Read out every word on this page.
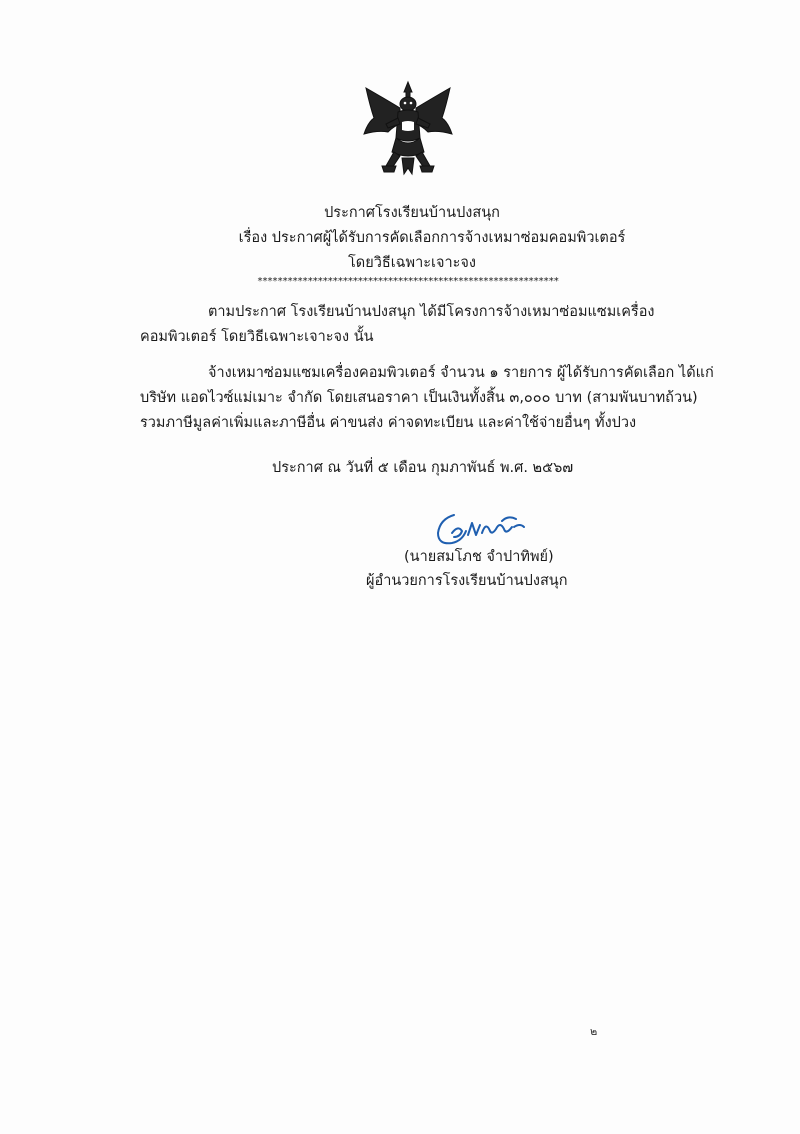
ประกาศโรงเรียนบ้านปงสนุก
เรื่อง ประกาศผู้ได้รับการคัดเลือกการจ้างเหมาซ่อมคอมพิวเตอร์
โดยวิธีเฉพาะเจาะจง
************************************************************
ตามประกาศ โรงเรียนบ้านปงสนุก ได้มีโครงการจ้างเหมาซ่อมแซมเครื่องคอมพิวเตอร์ โดยวิธีเฉพาะเจาะจง นั้น
จ้างเหมาซ่อมแซมเครื่องคอมพิวเตอร์ จำนวน ๑ รายการ ผู้ได้รับการคัดเลือก ได้แก่ บริษัท แอดไวซ์แม่เมาะ จำกัด โดยเสนอราคา เป็นเงินทั้งสิ้น ๓,๐๐๐ บาท (สามพันบาทถ้วน) รวมภาษีมูลค่าเพิ่มและภาษีอื่น ค่าขนส่ง ค่าจดทะเบียน และค่าใช้จ่ายอื่นๆ ทั้งปวง
ประกาศ ณ วันที่ ๕ เดือน กุมภาพันธ์ พ.ศ. ๒๕๖๗
(นายสมโภช จำปาทิพย์)
ผู้อำนวยการโรงเรียนบ้านปงสนุก
๒
